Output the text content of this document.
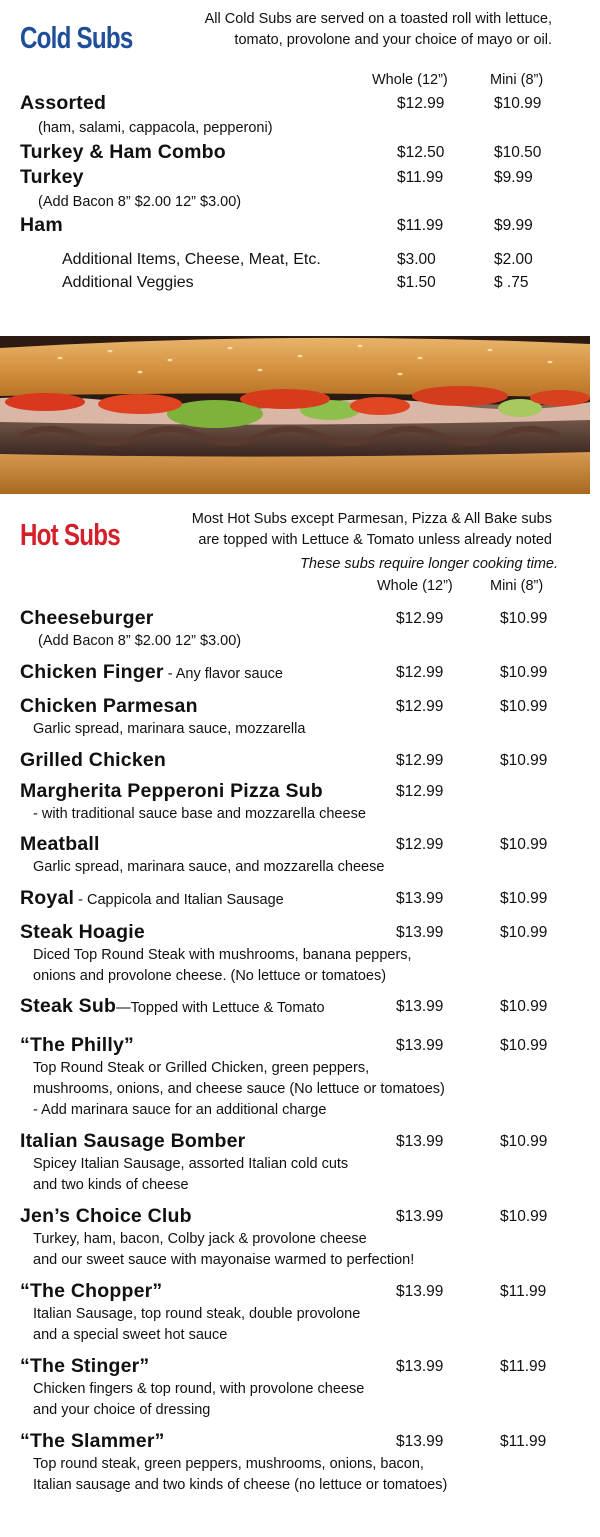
Cold Subs
All Cold Subs are served on a toasted roll with lettuce,
tomato, provolone and your choice of mayo or oil.
Whole (12”)	Mini (8”)
Assorted	$12.99	$10.99
(ham, salami, cappacola, pepperoni)
Turkey & Ham Combo	$12.50	$10.50
Turkey	$11.99	$9.99
(Add Bacon 8” $2.00 12” $3.00)
Ham	$11.99	$9.99
Additional Items, Cheese, Meat, Etc.	$3.00	$2.00
Additional Veggies	$1.50	$ .75
Hot Subs	Most Hot Subs except Parmesan, Pizza & All Bake subs
are topped with Lettuce & Tomato unless already noted
These subs require longer cooking time.
Whole (12”)	Mini (8”)
Cheeseburger	$12.99	$10.99
(Add Bacon 8” $2.00 12” $3.00)
Chicken Finger - Any flavor sauce	$12.99	$10.99
Chicken Parmesan	$12.99	$10.99
Garlic spread, marinara sauce, mozzarella
Grilled Chicken	$12.99	$10.99
Margherita Pepperoni Pizza Sub	$12.99
- with traditional sauce base and mozzarella cheese
Meatball	$12.99	$10.99
Garlic spread, marinara sauce, and mozzarella cheese
Royal - Cappicola and Italian Sausage	$13.99	$10.99
Steak Hoagie	$13.99	$10.99
Diced Top Round Steak with mushrooms, banana peppers,
onions and provolone cheese. (No lettuce or tomatoes)
Steak Sub—Topped with Lettuce & Tomato	$13.99	$10.99
“The Philly”	$13.99	$10.99
Top Round Steak or Grilled Chicken, green peppers,
mushrooms, onions, and cheese sauce (No lettuce or tomatoes)
- Add marinara sauce for an additional charge
Italian Sausage Bomber	$13.99	$10.99
Spicey Italian Sausage, assorted Italian cold cuts
and two kinds of cheese
Jen’s Choice Club	$13.99	$10.99
Turkey, ham, bacon, Colby jack & provolone cheese
and our sweet sauce with mayonaise warmed to perfection!
“The Chopper”	$13.99	$11.99
Italian Sausage, top round steak, double provolone
and a special sweet hot sauce
“The Stinger”	$13.99	$11.99
Chicken fingers & top round, with provolone cheese
and your choice of dressing
“The Slammer”	$13.99	$11.99
Top round steak, green peppers, mushrooms, onions, bacon,
Italian sausage and two kinds of cheese (no lettuce or tomatoes)
